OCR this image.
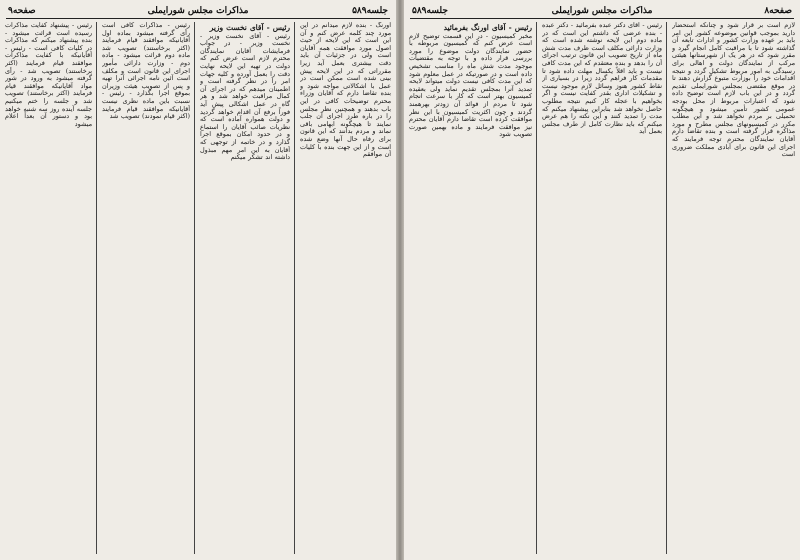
صفحه۸
مذاکرات مجلس شورایملی
جلسه۵۸۹
لازم است بر قرار شود و چنانکه استحضار دارید بموجب قوانین موضوعه کشور این امر باید بر عهده وزارت کشور و ادارات تابعه آن گذاشته شود تا با مراقبت کامل انجام گیرد و مقرر شود که در هر یک از شهرستانها هیئتی مرکب از نمایندگان دولت و اهالی برای رسیدگی به امور مربوط تشکیل گردد و نتیجه اقدامات خود را بوزارت متبوع گزارش دهند تا در موقع مقتضی بمجلس شورایملی تقدیم گردد و در این باب لازم است توضیح داده شود که اعتبارات مربوط از محل بودجه عمومی کشور تأمین میشود و هیچگونه تحمیلی بر مردم نخواهد شد و این مطلب مکرر در کمیسیونهای مجلس مطرح و مورد مذاکره قرار گرفته است و بنده تقاضا دارم آقایان نمایندگان محترم توجه فرمایند که اجرای این قانون برای آبادی مملکت ضروری است
رئیس - آقای دکتر عبده بفرمائید - دکتر عبده - بنده عرضی که داشتم این است که در ماده دوم این لایحه نوشته شده است که وزارت دارائی مکلف است ظرف مدت شش ماه از تاریخ تصویب این قانون ترتیب اجرای آن را بدهد و بنده معتقدم که این مدت کافی نیست و باید اقلاً یکسال مهلت داده شود تا مقدمات کار فراهم گردد زیرا در بسیاری از نقاط کشور هنوز وسائل لازم موجود نیست و تشکیلات اداری بقدر کفایت نیست و اگر بخواهیم با عجله کار کنیم نتیجه مطلوب حاصل نخواهد شد بنابراین پیشنهاد میکنم که مدت را تمدید کنند و این نکته را هم عرض میکنم که باید نظارت کامل از طرف مجلس بعمل آید
رئیس - آقای اورنگ بفرمائید
مخبر کمیسیون - در این قسمت توضیح لازم است عرض کنم که کمیسیون مربوطه با حضور نمایندگان دولت موضوع را مورد بررسی قرار داده و با توجه به مقتضیات موجود مدت شش ماه را مناسب تشخیص داده است و در صورتیکه در عمل معلوم شود که این مدت کافی نیست دولت میتواند لایحه تمدید آنرا بمجلس تقدیم نماید ولی بعقیده کمیسیون بهتر است که کار با سرعت انجام شود تا مردم از فوائد آن زودتر بهرهمند گردند و چون اکثریت کمیسیون با این نظر موافقت کرده است تقاضا دارم آقایان محترم نیز موافقت فرمایند و ماده بهمین صورت تصویب شود
جلسه۵۸۹
مذاکرات مجلس شورایملی
صفحه۹
اورنگ - بنده لازم میدانم در این مورد چند کلمه عرض کنم و آن این است که این لایحه از حیث اصول مورد موافقت همه آقایان است ولی در جزئیات آن باید دقت بیشتری بعمل آید زیرا مقرراتی که در این لایحه پیش بینی شده است ممکن است در عمل با اشکالاتی مواجه شود و بنده تقاضا دارم که آقایان وزراء محترم توضیحات کافی در این باب بدهند و همچنین نظر مجلس را در باره طرز اجرای آن جلب نمایند تا هیچگونه ابهامی باقی نماند و مردم بدانند که این قانون برای رفاه حال آنها وضع شده است و از این جهت بنده با کلیات آن موافقم
رئیس - آقای نخست وزیر
رئیس - آقای نخست وزیر - نخست وزیر - در جواب فرمایشات آقایان نمایندگان محترم لازم است عرض کنم که دولت در تهیه این لایحه نهایت دقت را بعمل آورده و کلیه جهات امر را در نظر گرفته است و اطمینان میدهم که در اجرای آن کمال مراقبت خواهد شد و هر گاه در عمل اشکالی پیش آید فوراً برفع آن اقدام خواهد گردید و دولت همواره آماده است که نظریات صائب آقایان را استماع و در حدود امکان بموقع اجرا گذارد و در خاتمه از توجهی که آقایان به این امر مهم مبذول داشته اند تشکر میکنم
رئیس - مذاکرات کافی است رأی گرفته میشود بماده اول آقایانیکه موافقند قیام فرمایند (اکثر برخاستند) تصویب شد ماده دوم قرائت میشود - ماده دوم - وزارت دارائی مأمور اجرای این قانون است و مکلف است آئین نامه اجرائی آنرا تهیه و پس از تصویب هیئت وزیران بموقع اجرا بگذارد - رئیس - نسبت باین ماده نظری نیست آقایانیکه موافقند قیام فرمایند (اکثر قیام نمودند) تصویب شد
رئیس - پیشنهاد کفایت مذاکرات رسیده است قرائت میشود - بنده پیشنهاد میکنم که مذاکرات در کلیات کافی است - رئیس - آقایانیکه با کفایت مذاکرات موافقند قیام فرمایند (اکثر برخاستند) تصویب شد - رأی گرفته میشود به ورود در شور مواد آقایانیکه موافقند قیام فرمایند (اکثر برخاستند) تصویب شد و جلسه را ختم میکنیم جلسه آینده روز سه شنبه خواهد بود و دستور آن بعداً اعلام میشود
